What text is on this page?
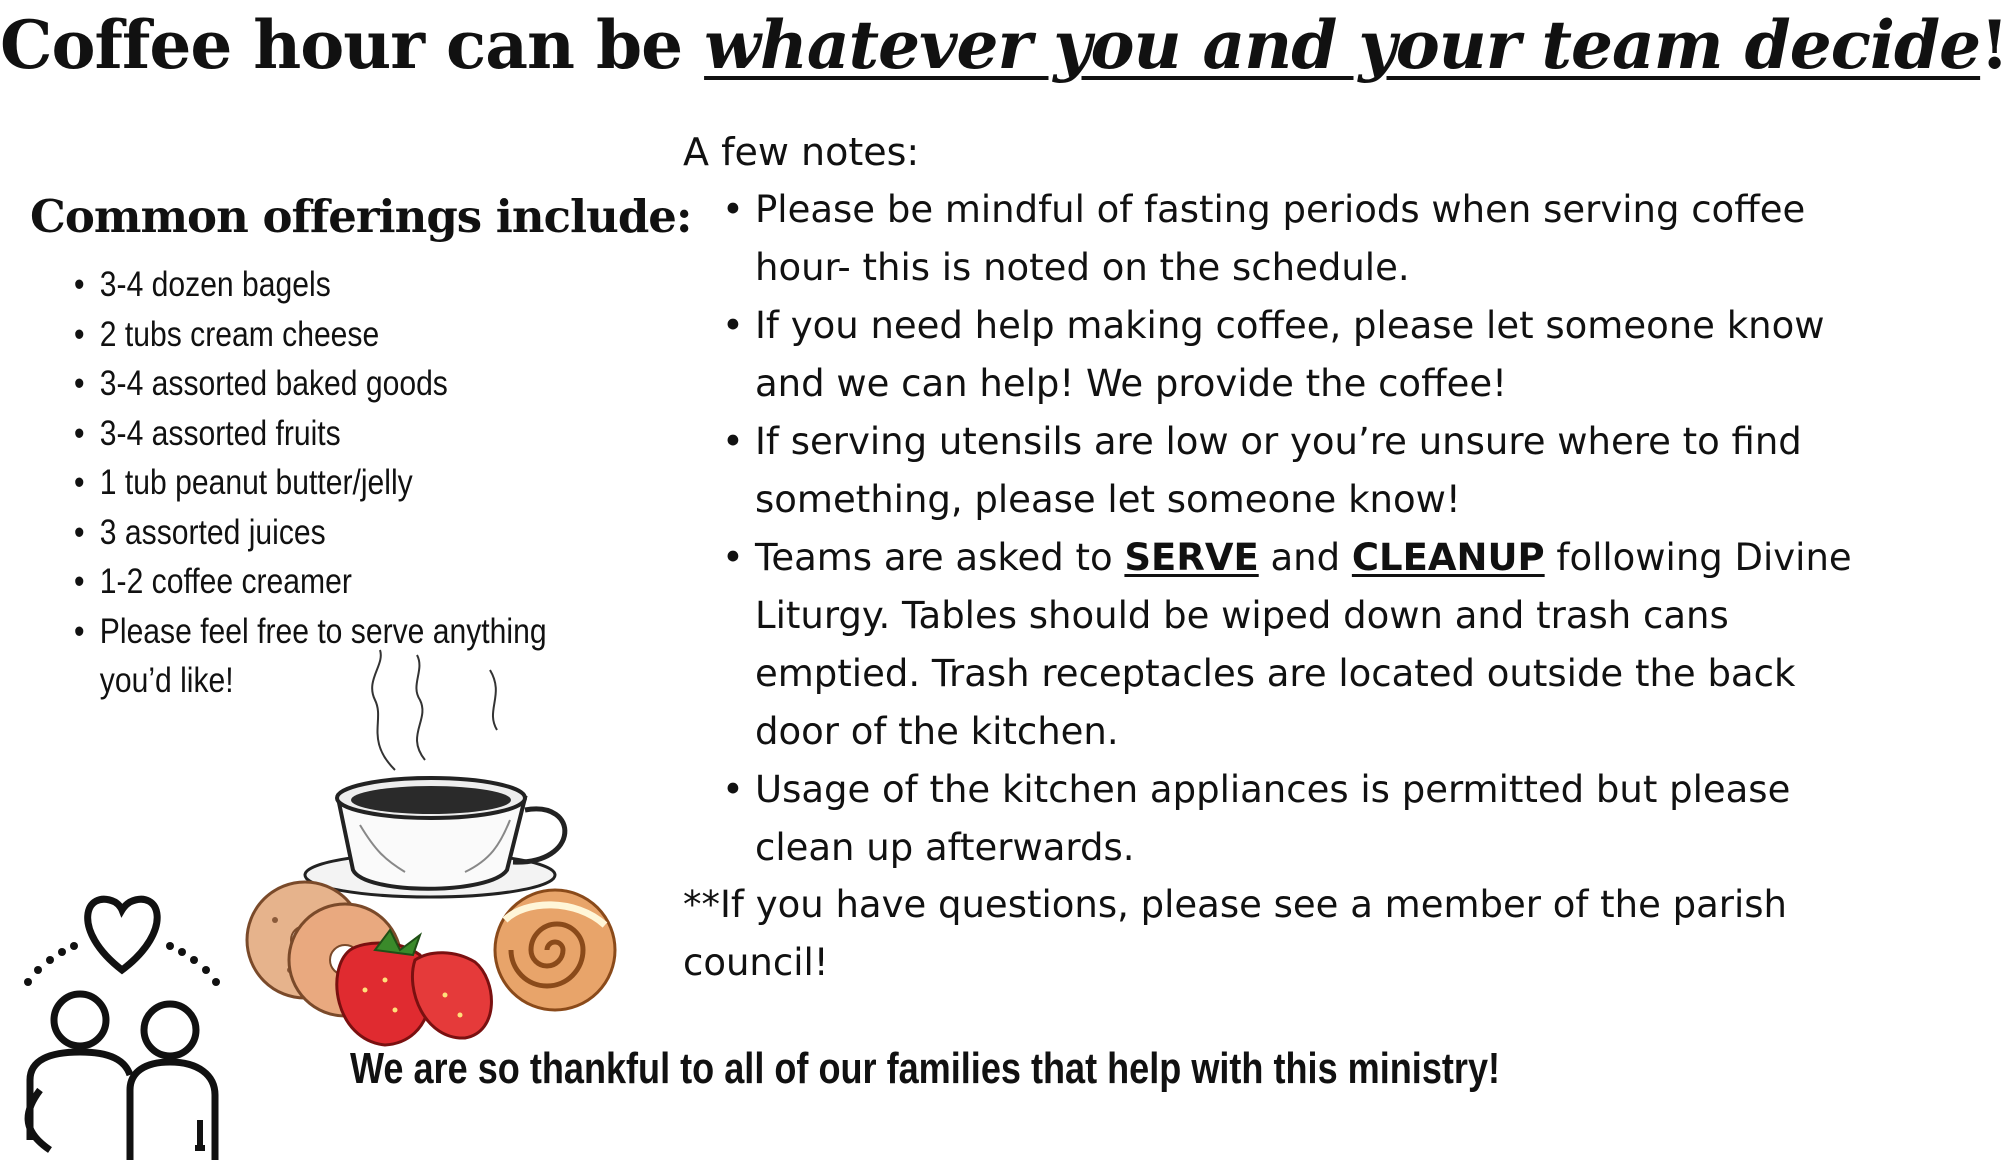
Coffee hour can be whatever you and your team decide!
Common offerings include:
• 3-4 dozen bagels
• 2 tubs cream cheese
• 3-4 assorted baked goods
• 3-4 assorted fruits
• 1 tub peanut butter/jelly
• 3 assorted juices
• 1-2 coffee creamer
• Please feel free to serve anything
you’d like!
A few notes:
• Please be mindful of fasting periods when serving coffee
hour- this is noted on the schedule.
• If you need help making coffee, please let someone know
and we can help! We provide the coffee!
• If serving utensils are low or you’re unsure where to find
something, please let someone know!
• Teams are asked to SERVE and CLEANUP following Divine
Liturgy. Tables should be wiped down and trash cans
emptied. Trash receptacles are located outside the back
door of the kitchen.
• Usage of the kitchen appliances is permitted but please
clean up afterwards.
**If you have questions, please see a member of the parish
council!
We are so thankful to all of our families that help with this ministry!
